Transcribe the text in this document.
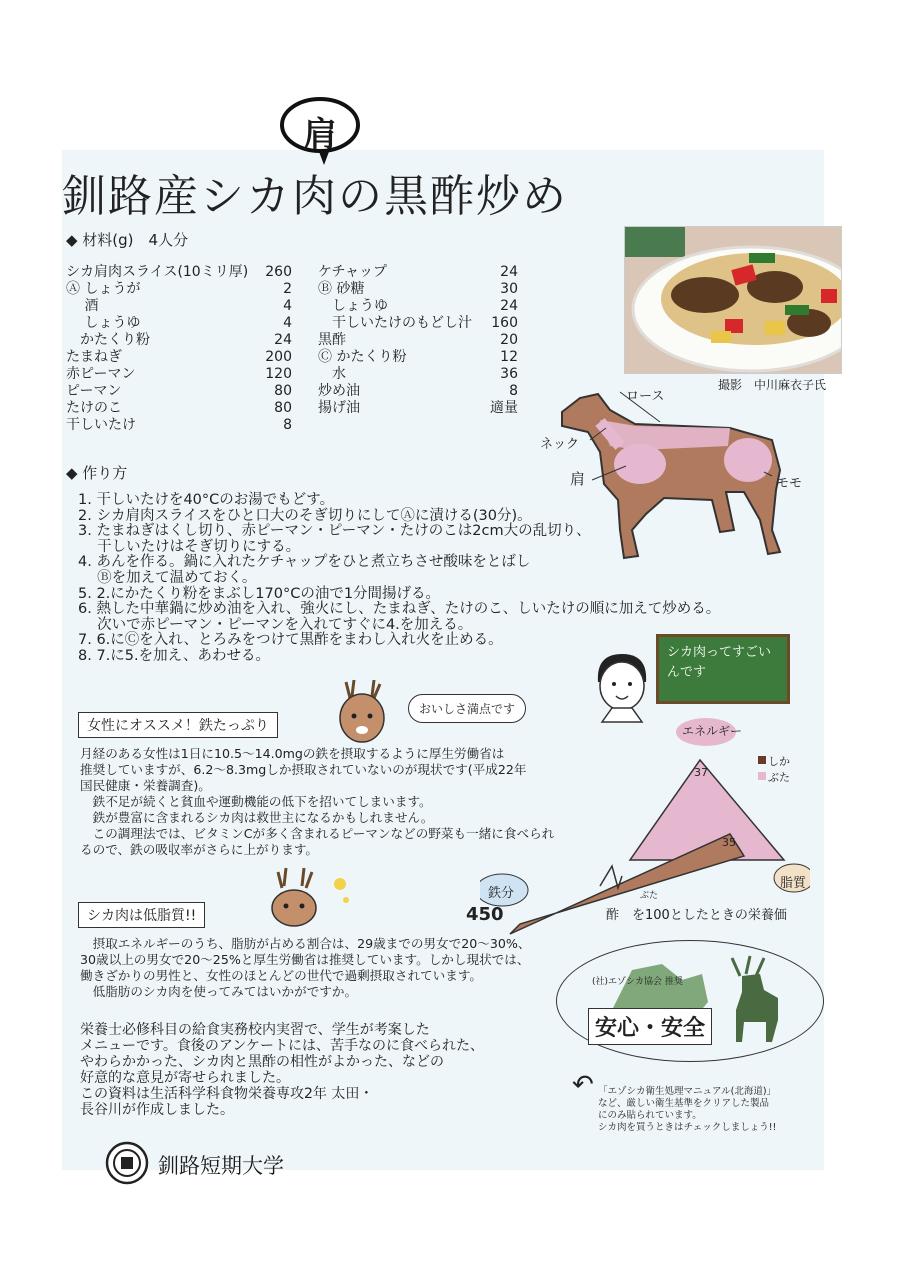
肩
釧路産シカ肉の黒酢炒め
撮影　中川麻衣子氏
◆ 材料(g)　4人分
シカ肩肉スライス(10ミリ厚)	260
Ⓐ しょうが	2
　 酒	4
　 しょうゆ	4
　かたくり粉	24
たまねぎ	200
赤ピーマン	120
ピーマン	80
たけのこ	80
干しいたけ	8
ケチャップ	24
Ⓑ 砂糖	30
　しょうゆ	24
　干しいたけのもどし汁	160
黒酢	20
Ⓒ かたくり粉	12
　水	36
炒め油	8
揚げ油	適量
ロース
ネック
肩	モモ
◆ 作り方
1. 干しいたけを40°Cのお湯でもどす。
2. シカ肩肉スライスをひと口大のそぎ切りにしてⒶに漬ける(30分)。
3. たまねぎはくし切り、赤ピーマン・ピーマン・たけのこは2cm大の乱切り、
　 干しいたけはそぎ切りにする。
4. あんを作る。鍋に入れたケチャップをひと煮立ちさせ酸味をとばし
　 Ⓑを加えて温めておく。
5. 2.にかたくり粉をまぶし170°Cの油で1分間揚げる。
6. 熱した中華鍋に炒め油を入れ、強火にし、たまねぎ、たけのこ、しいたけの順に加えて炒める。
　 次いで赤ピーマン・ピーマンを入れてすぐに4.を加える。
7. 6.にⒸを入れ、とろみをつけて黒酢をまわし入れ火を止める。
8. 7.に5.を加え、あわせる。	シカ肉ってすごいんです
おいしさ満点です
女性にオススメ！鉄たっぷり
月経のある女性は1日に10.5〜14.0mgの鉄を摂取するように厚生労働省は
推奨していますが、6.2〜8.3mgしか摂取されていないのが現状です(平成22年
国民健康・栄養調査)。
　鉄不足が続くと貧血や運動機能の低下を招いてしまいます。
　鉄が豊富に含まれるシカ肉は救世主になるかもしれません。
　この調理法では、ビタミンCが多く含まれるピーマンなどの野菜も一緒に食べられ
るので、鉄の吸収率がさらに上がります。
エネルギー
しか
ぶた
37
35
鉄分
脂質
450
ぶた
酢　を100としたときの栄養価
シカ肉は低脂質!!
　摂取エネルギーのうち、脂肪が占める割合は、29歳までの男女で20〜30%、
30歳以上の男女で20〜25%と厚生労働省は推奨しています。しかし現状では、
働きざかりの男性と、女性のほとんどの世代で過剰摂取されています。
　低脂肪のシカ肉を使ってみてはいかがですか。
(社)エゾシカ協会 推奨
安心・安全
↶ 「エゾシカ衛生処理マニュアル(北海道)」
など、厳しい衛生基準をクリアした製品
にのみ貼られています。
シカ肉を買うときはチェックしましょう!!
栄養士必修科目の給食実務校内実習で、学生が考案した
メニューです。食後のアンケートには、苦手なのに食べられた、
やわらかかった、シカ肉と黒酢の相性がよかった、などの
好意的な意見が寄せられました。
この資料は生活科学科食物栄養専攻2年 太田・
長谷川が作成しました。
釧路短期大学
